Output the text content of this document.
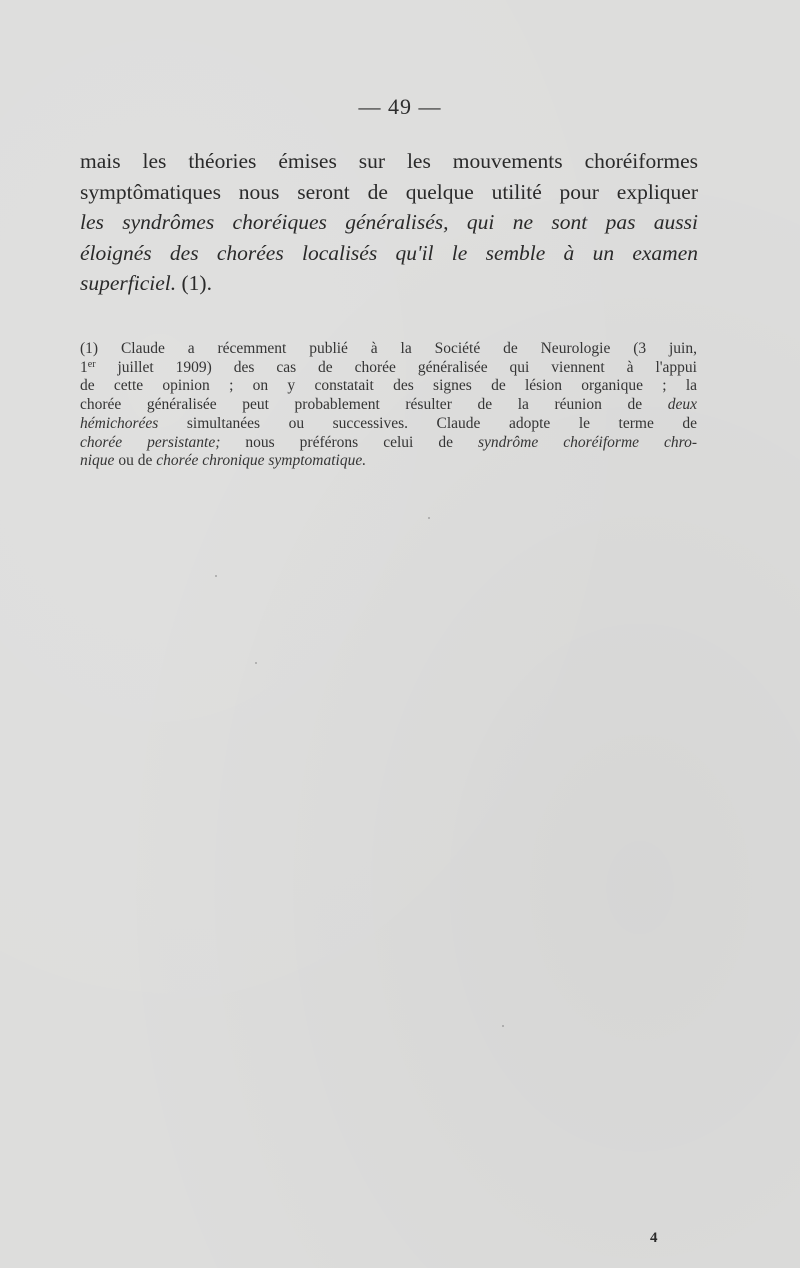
— 49 —
mais les théories émises sur les mouvements choréiformes
symptômatiques nous seront de quelque utilité pour expliquer
les syndrômes choréiques généralisés, qui ne sont pas aussi
éloignés des chorées localisés qu'il le semble à un examen
superficiel. (1).
(1) Claude a récemment publié à la Société de Neurologie (3 juin,
1er juillet 1909) des cas de chorée généralisée qui viennent à l'appui
de cette opinion ; on y constatait des signes de lésion organique ; la
chorée généralisée peut probablement résulter de la réunion de deux
hémichorées simultanées ou successives. Claude adopte le terme de
chorée persistante; nous préférons celui de syndrôme choréiforme chro-
nique ou de chorée chronique symptomatique.
4
